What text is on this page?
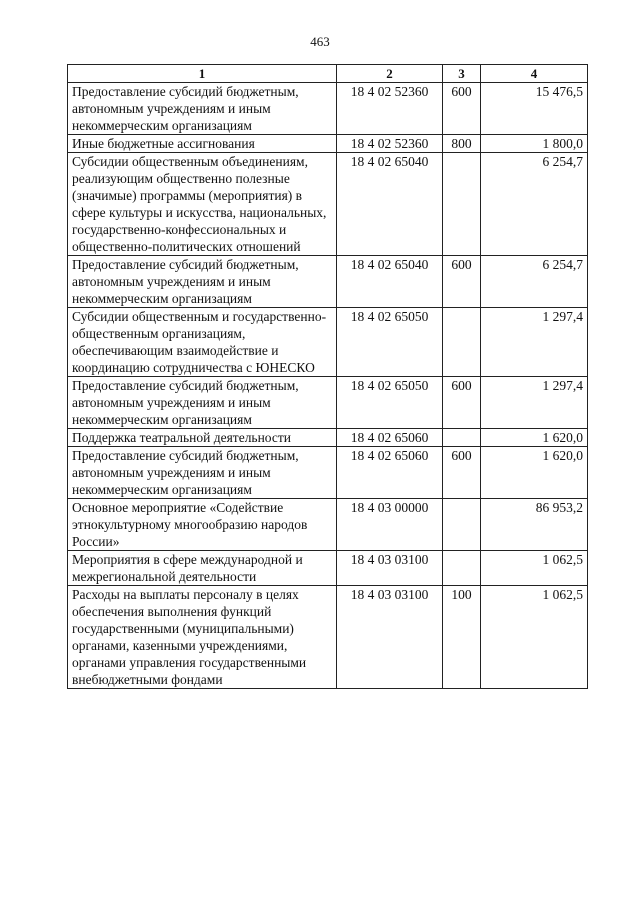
463
1	2	3	4
Предоставление субсидий бюджетным, автономным учреждениям и иным некоммерческим организациям	18 4 02 52360	600	15 476,5
Иные бюджетные ассигнования	18 4 02 52360	800	1 800,0
Субсидии общественным объединениям, реализующим общественно полезные (значимые) программы (мероприятия) в сфере культуры и искусства, национальных, государственно-конфессиональных и общественно-политических отношений	18 4 02 65040		6 254,7
Предоставление субсидий бюджетным, автономным учреждениям и иным некоммерческим организациям	18 4 02 65040	600	6 254,7
Субсидии общественным и государственно-общественным организациям, обеспечивающим взаимодействие и координацию сотрудничества с ЮНЕСКО	18 4 02 65050		1 297,4
Предоставление субсидий бюджетным, автономным учреждениям и иным некоммерческим организациям	18 4 02 65050	600	1 297,4
Поддержка театральной деятельности	18 4 02 65060		1 620,0
Предоставление субсидий бюджетным, автономным учреждениям и иным некоммерческим организациям	18 4 02 65060	600	1 620,0
Основное мероприятие «Содействие этнокультурному многообразию народов России»	18 4 03 00000		86 953,2
Мероприятия в сфере международной и межрегиональной деятельности	18 4 03 03100		1 062,5
Расходы на выплаты персоналу в целях обеспечения выполнения функций государственными (муниципальными) органами, казенными учреждениями, органами управления государственными внебюджетными фондами	18 4 03 03100	100	1 062,5
